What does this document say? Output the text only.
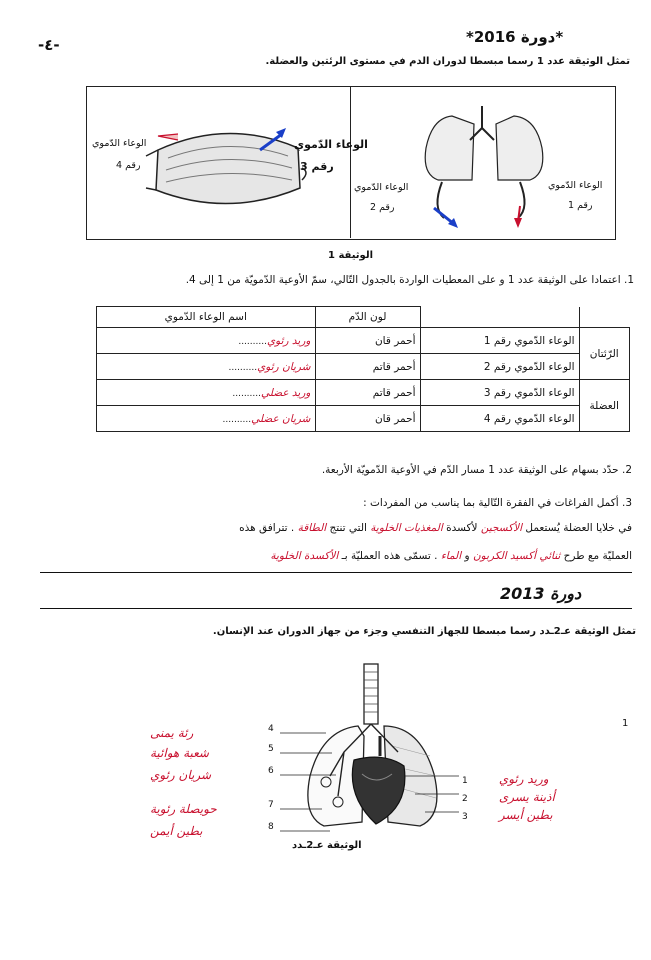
-٤-	*دورة 2016*
تمثل الوثيقة عدد 1 رسما مبسطا لدوران الدم في مستوى الرئتين والعضلة.
الوعاء الدّموي
رقم 4
الوعاء الدّموي
رقم 3
الوعاء الدّموي
رقم 2
الوعاء الدّموي
رقم 1
الوثيقة 1
1. اعتمادا على الوثيقة عدد 1 و على المعطيات الواردة بالجدول التّالي، سمّ الأوعية الدّمويّة من 1 إلى 4.
		لون الدّم	اسم الوعاء الدّموي
الرّئتان	الوعاء الدّموي رقم 1	أحمر قان	وريد رئوي..........
	الوعاء الدّموي رقم 2	أحمر قاتم	شريان رئوي..........
العضلة	الوعاء الدّموي رقم 3	أحمر قاتم	وريد عضلي..........
	الوعاء الدّموي رقم 4	أحمر قان	شريان عضلي..........
2. حدّد بسهام على الوثيقة عدد 1 مسار الدّم في الأوعية الدّمويّة الأربعة.
3. أكمل الفراغات في الفقرة التّالية بما يناسب من المفردات :
في خلايا العضلة يُستعمل الأكسجين لأكسدة المغذيات الخلوية التي تنتج الطاقة . تترافق هذه
العمليّة مع طرح ثنائي أكسيد الكربون و الماء . تسمّى هذه العمليّة بـ الأكسدة الخلوية
دورة 2013
تمثل الوثيقة عـ2ـدد رسما مبسطا للجهاز التنفسي وجزء من جهاز الدوران عند الإنسان.
1
رئة يمنى	4
شعبة هوائية	5
شريان رئوي	6
حويصلة رئوية	7
بطين أيمن	8
1	وريد رئوي
2	أذينة يسرى
3	بطين أيسر
الوثيقة عـ2ـدد
